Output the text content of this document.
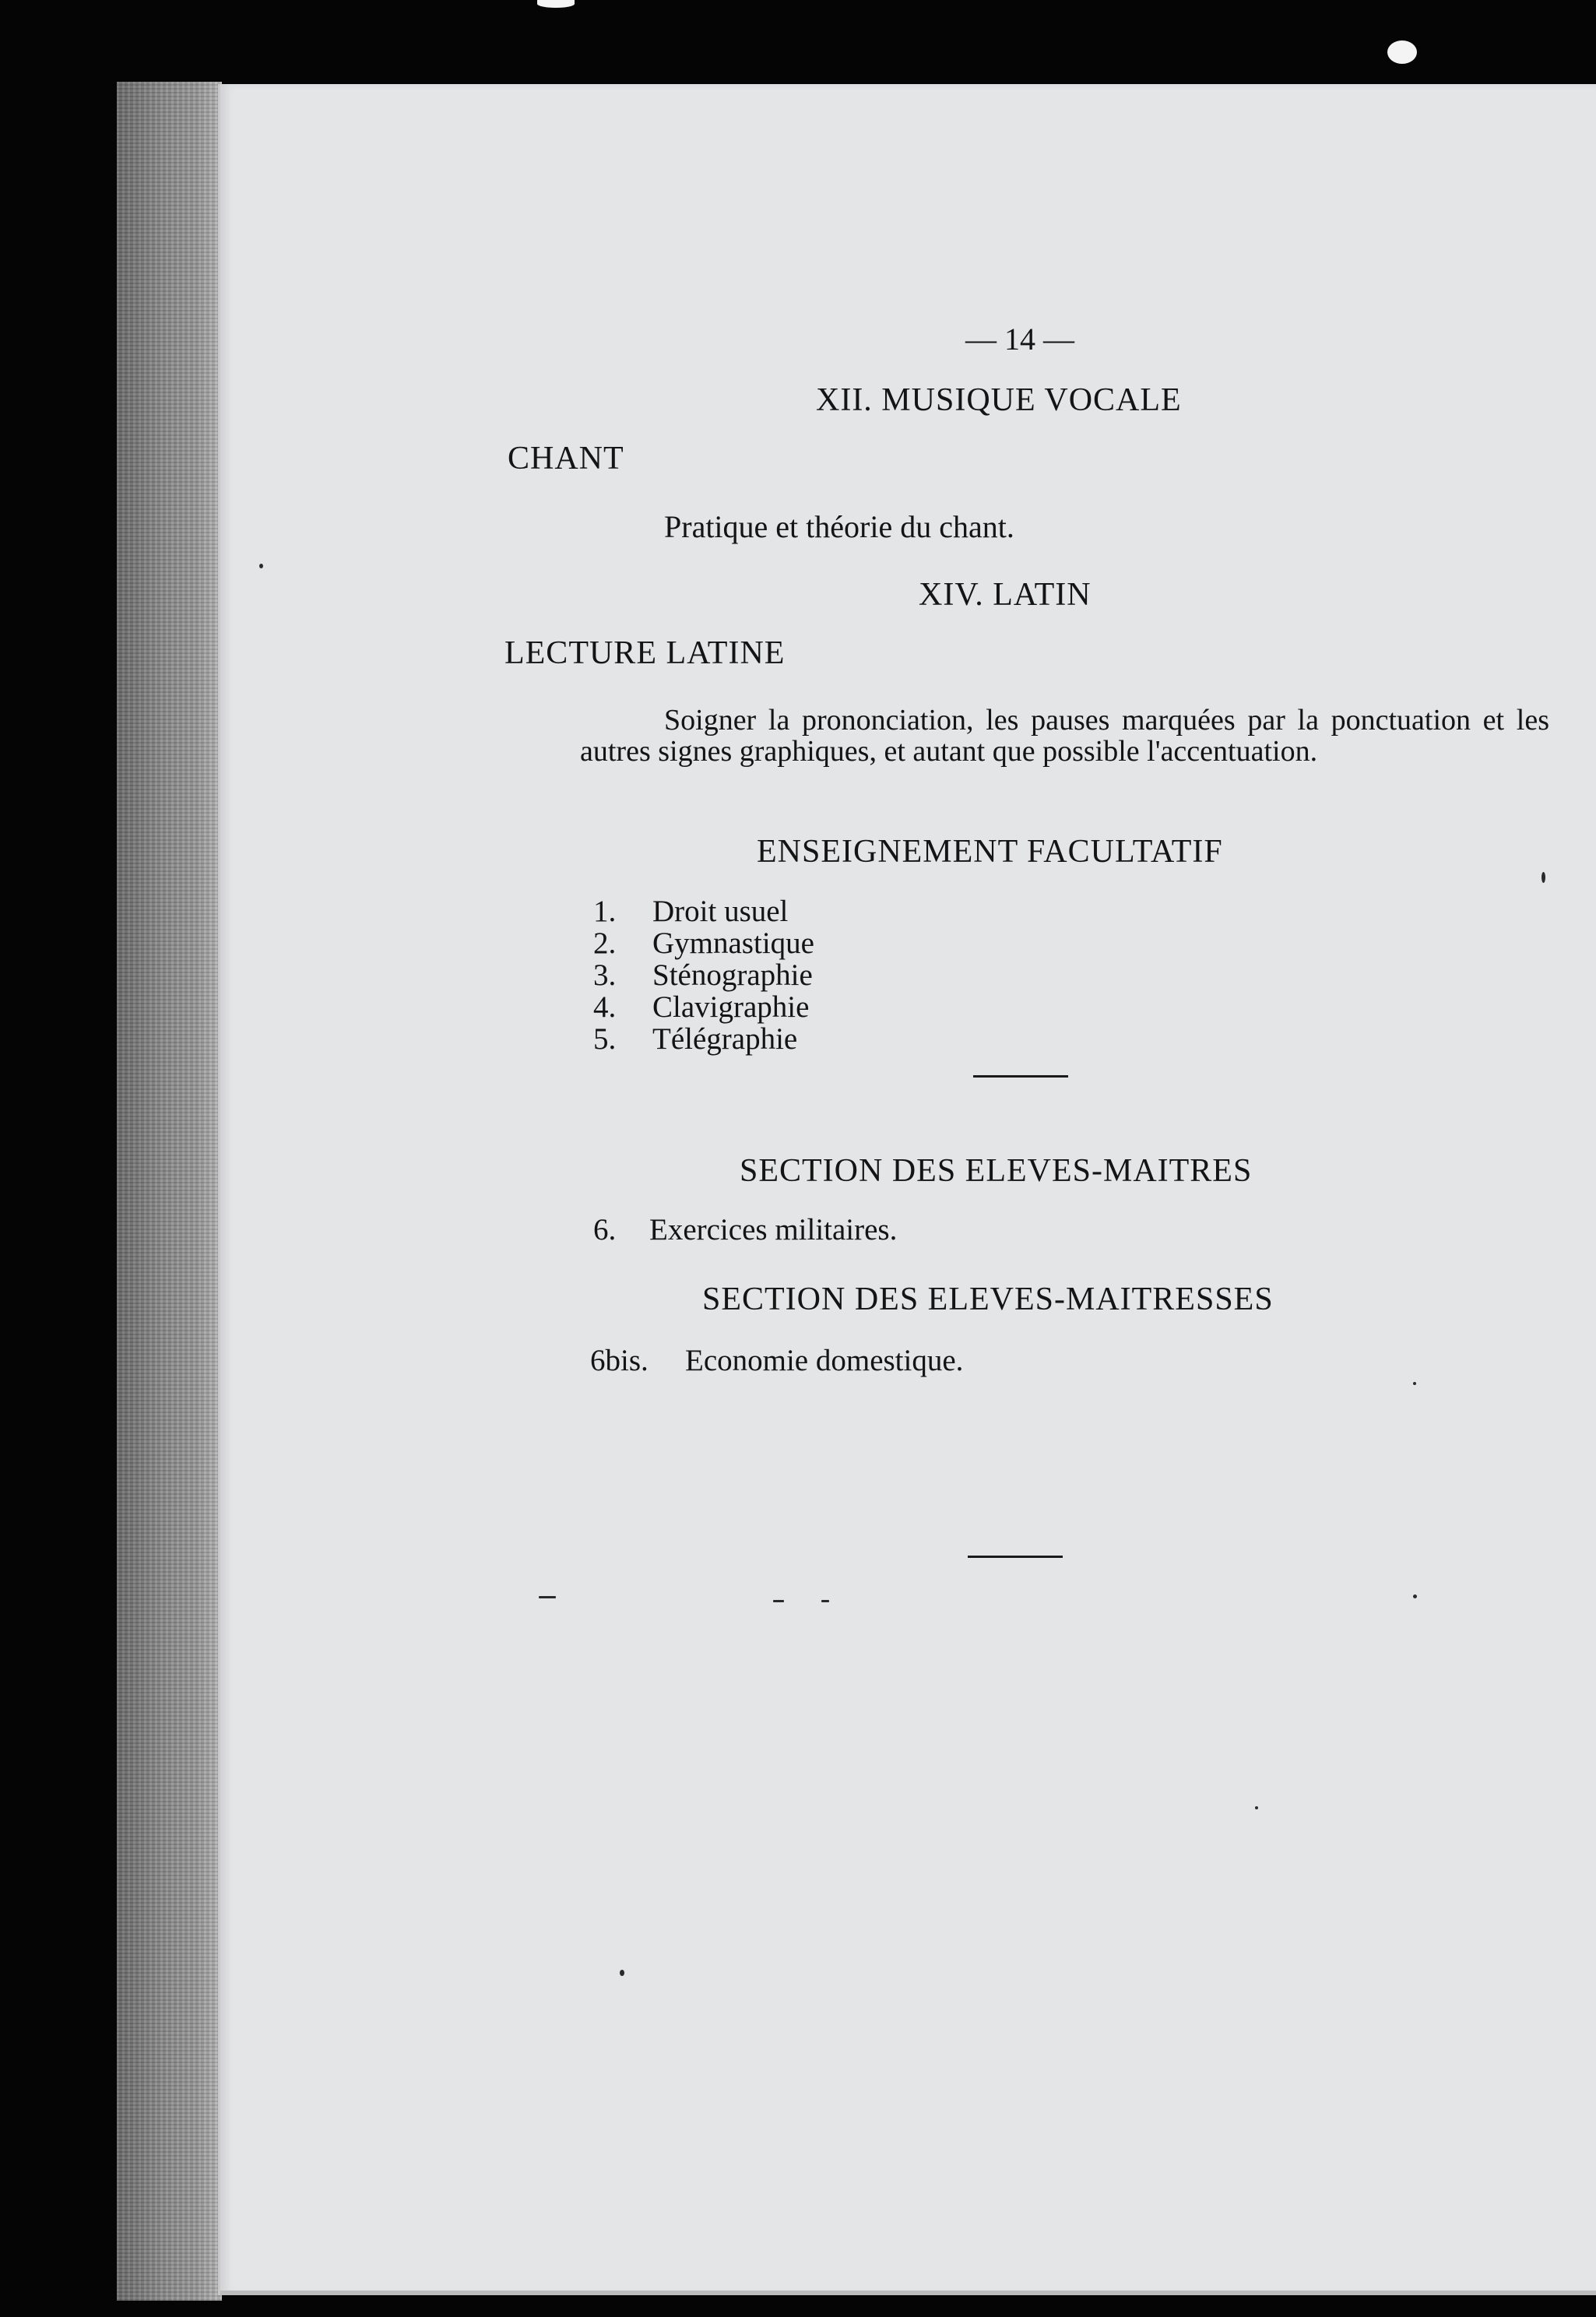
— 14 —
XII. MUSIQUE VOCALE
CHANT
Pratique et théorie du chant.
XIV. LATIN
LECTURE LATINE
Soigner la prononciation, les pauses marquées par la ponctuation et les autres signes graphiques, et autant que possible l'accentuation.
ENSEIGNEMENT FACULTATIF
1. Droit usuel
2. Gymnastique
3. Sténographie
4. Clavigraphie
5. Télégraphie
SECTION DES ELEVES-MAITRES
6. Exercices militaires.
SECTION DES ELEVES-MAITRESSES
6bis. Economie domestique.
